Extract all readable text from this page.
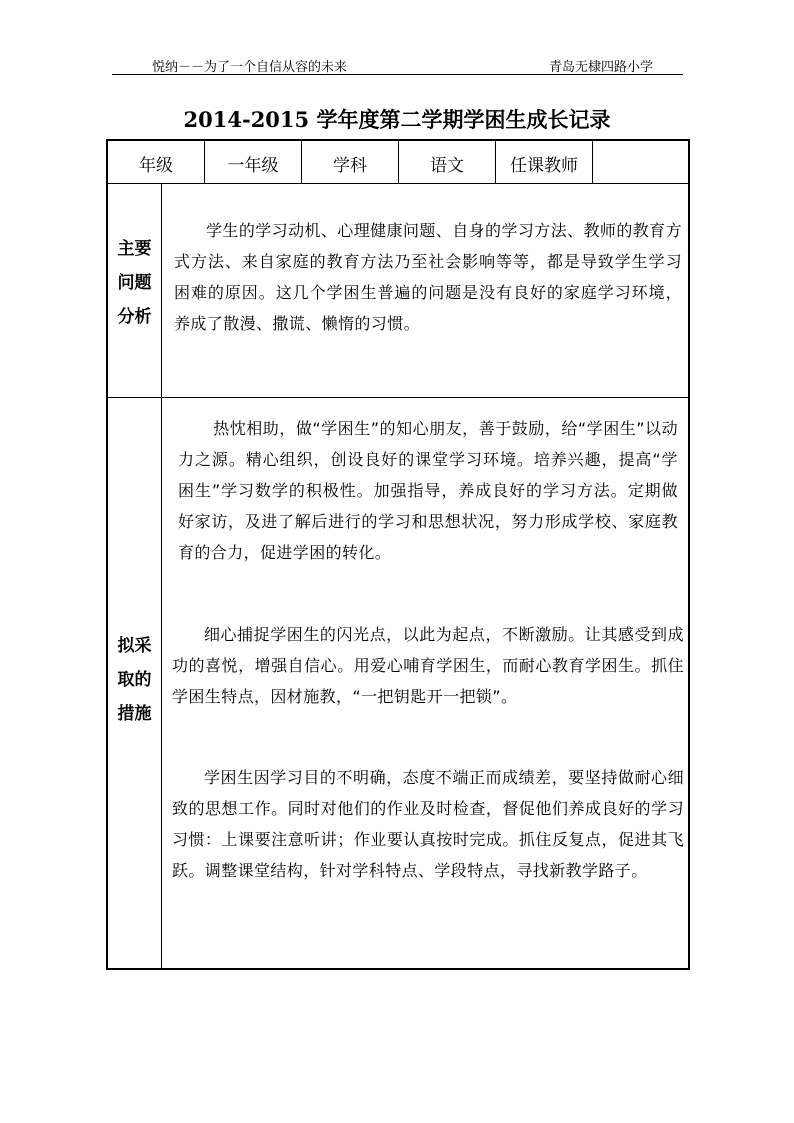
悦纳－－为了一个自信从容的未来	青岛无棣四路小学
2014-2015 学年度第二学期学困生成长记录
年级	一年级	学科	语文	任课教师
主要
问题
分析

学生的学习动机、心理健康问题、自身的学习方法、教师的教育方式方法、来自家庭的教育方法乃至社会影响等等，都是导致学生学习困难的原因。这几个学困生普遍的问题是没有良好的家庭学习环境，养成了散漫、撒谎、懒惰的习惯。

拟采
取的
措施

热忱相助，做“学困生”的知心朋友，善于鼓励，给“学困生”以动力之源。精心组织，创设良好的课堂学习环境。培养兴趣，提高“学困生”学习数学的积极性。加强指导，养成良好的学习方法。定期做好家访，及进了解后进行的学习和思想状况，努力形成学校、家庭教育的合力，促进学困的转化。

细心捕捉学困生的闪光点，以此为起点，不断激励。让其感受到成功的喜悦，增强自信心。用爱心哺育学困生，而耐心教育学困生。抓住学困生特点，因材施教，“一把钥匙开一把锁”。

学困生因学习目的不明确，态度不端正而成绩差，要坚持做耐心细致的思想工作。同时对他们的作业及时检查，督促他们养成良好的学习习惯：上课要注意听讲；作业要认真按时完成。抓住反复点，促进其飞跃。调整课堂结构，针对学科特点、学段特点，寻找新教学路子。
